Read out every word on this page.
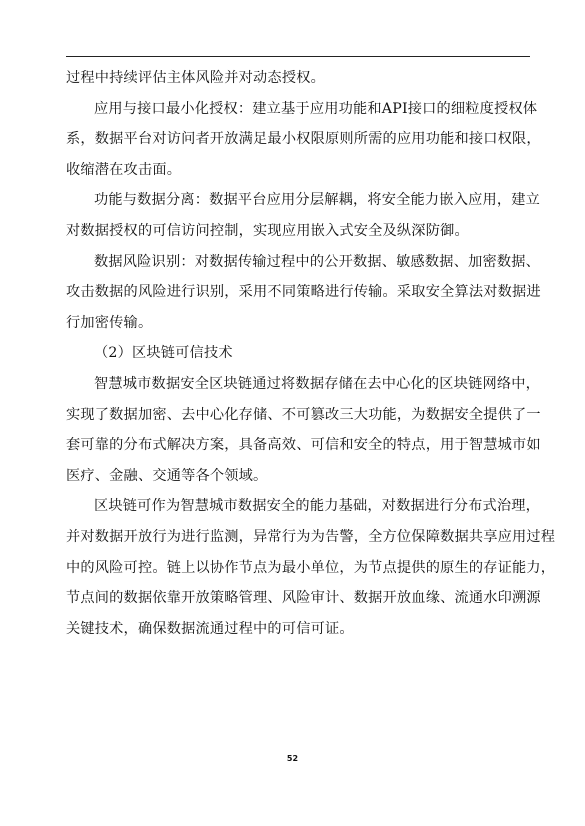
过程中持续评估主体风险并对动态授权。
应用与接口最小化授权：建立基于应用功能和API接口的细粒度授权体
系，数据平台对访问者开放满足最小权限原则所需的应用功能和接口权限，
收缩潜在攻击面。
功能与数据分离：数据平台应用分层解耦，将安全能力嵌入应用，建立
对数据授权的可信访问控制，实现应用嵌入式安全及纵深防御。
数据风险识别：对数据传输过程中的公开数据、敏感数据、加密数据、
攻击数据的风险进行识别，采用不同策略进行传输。采取安全算法对数据进
行加密传输。
（2）区块链可信技术
智慧城市数据安全区块链通过将数据存储在去中心化的区块链网络中，
实现了数据加密、去中心化存储、不可篡改三大功能，为数据安全提供了一
套可靠的分布式解决方案，具备高效、可信和安全的特点，用于智慧城市如
医疗、金融、交通等各个领域。
区块链可作为智慧城市数据安全的能力基础，对数据进行分布式治理，
并对数据开放行为进行监测，异常行为为告警，全方位保障数据共享应用过程
中的风险可控。链上以协作节点为最小单位，为节点提供的原生的存证能力，
节点间的数据依靠开放策略管理、风险审计、数据开放血缘、流通水印溯源
关键技术，确保数据流通过程中的可信可证。
52
